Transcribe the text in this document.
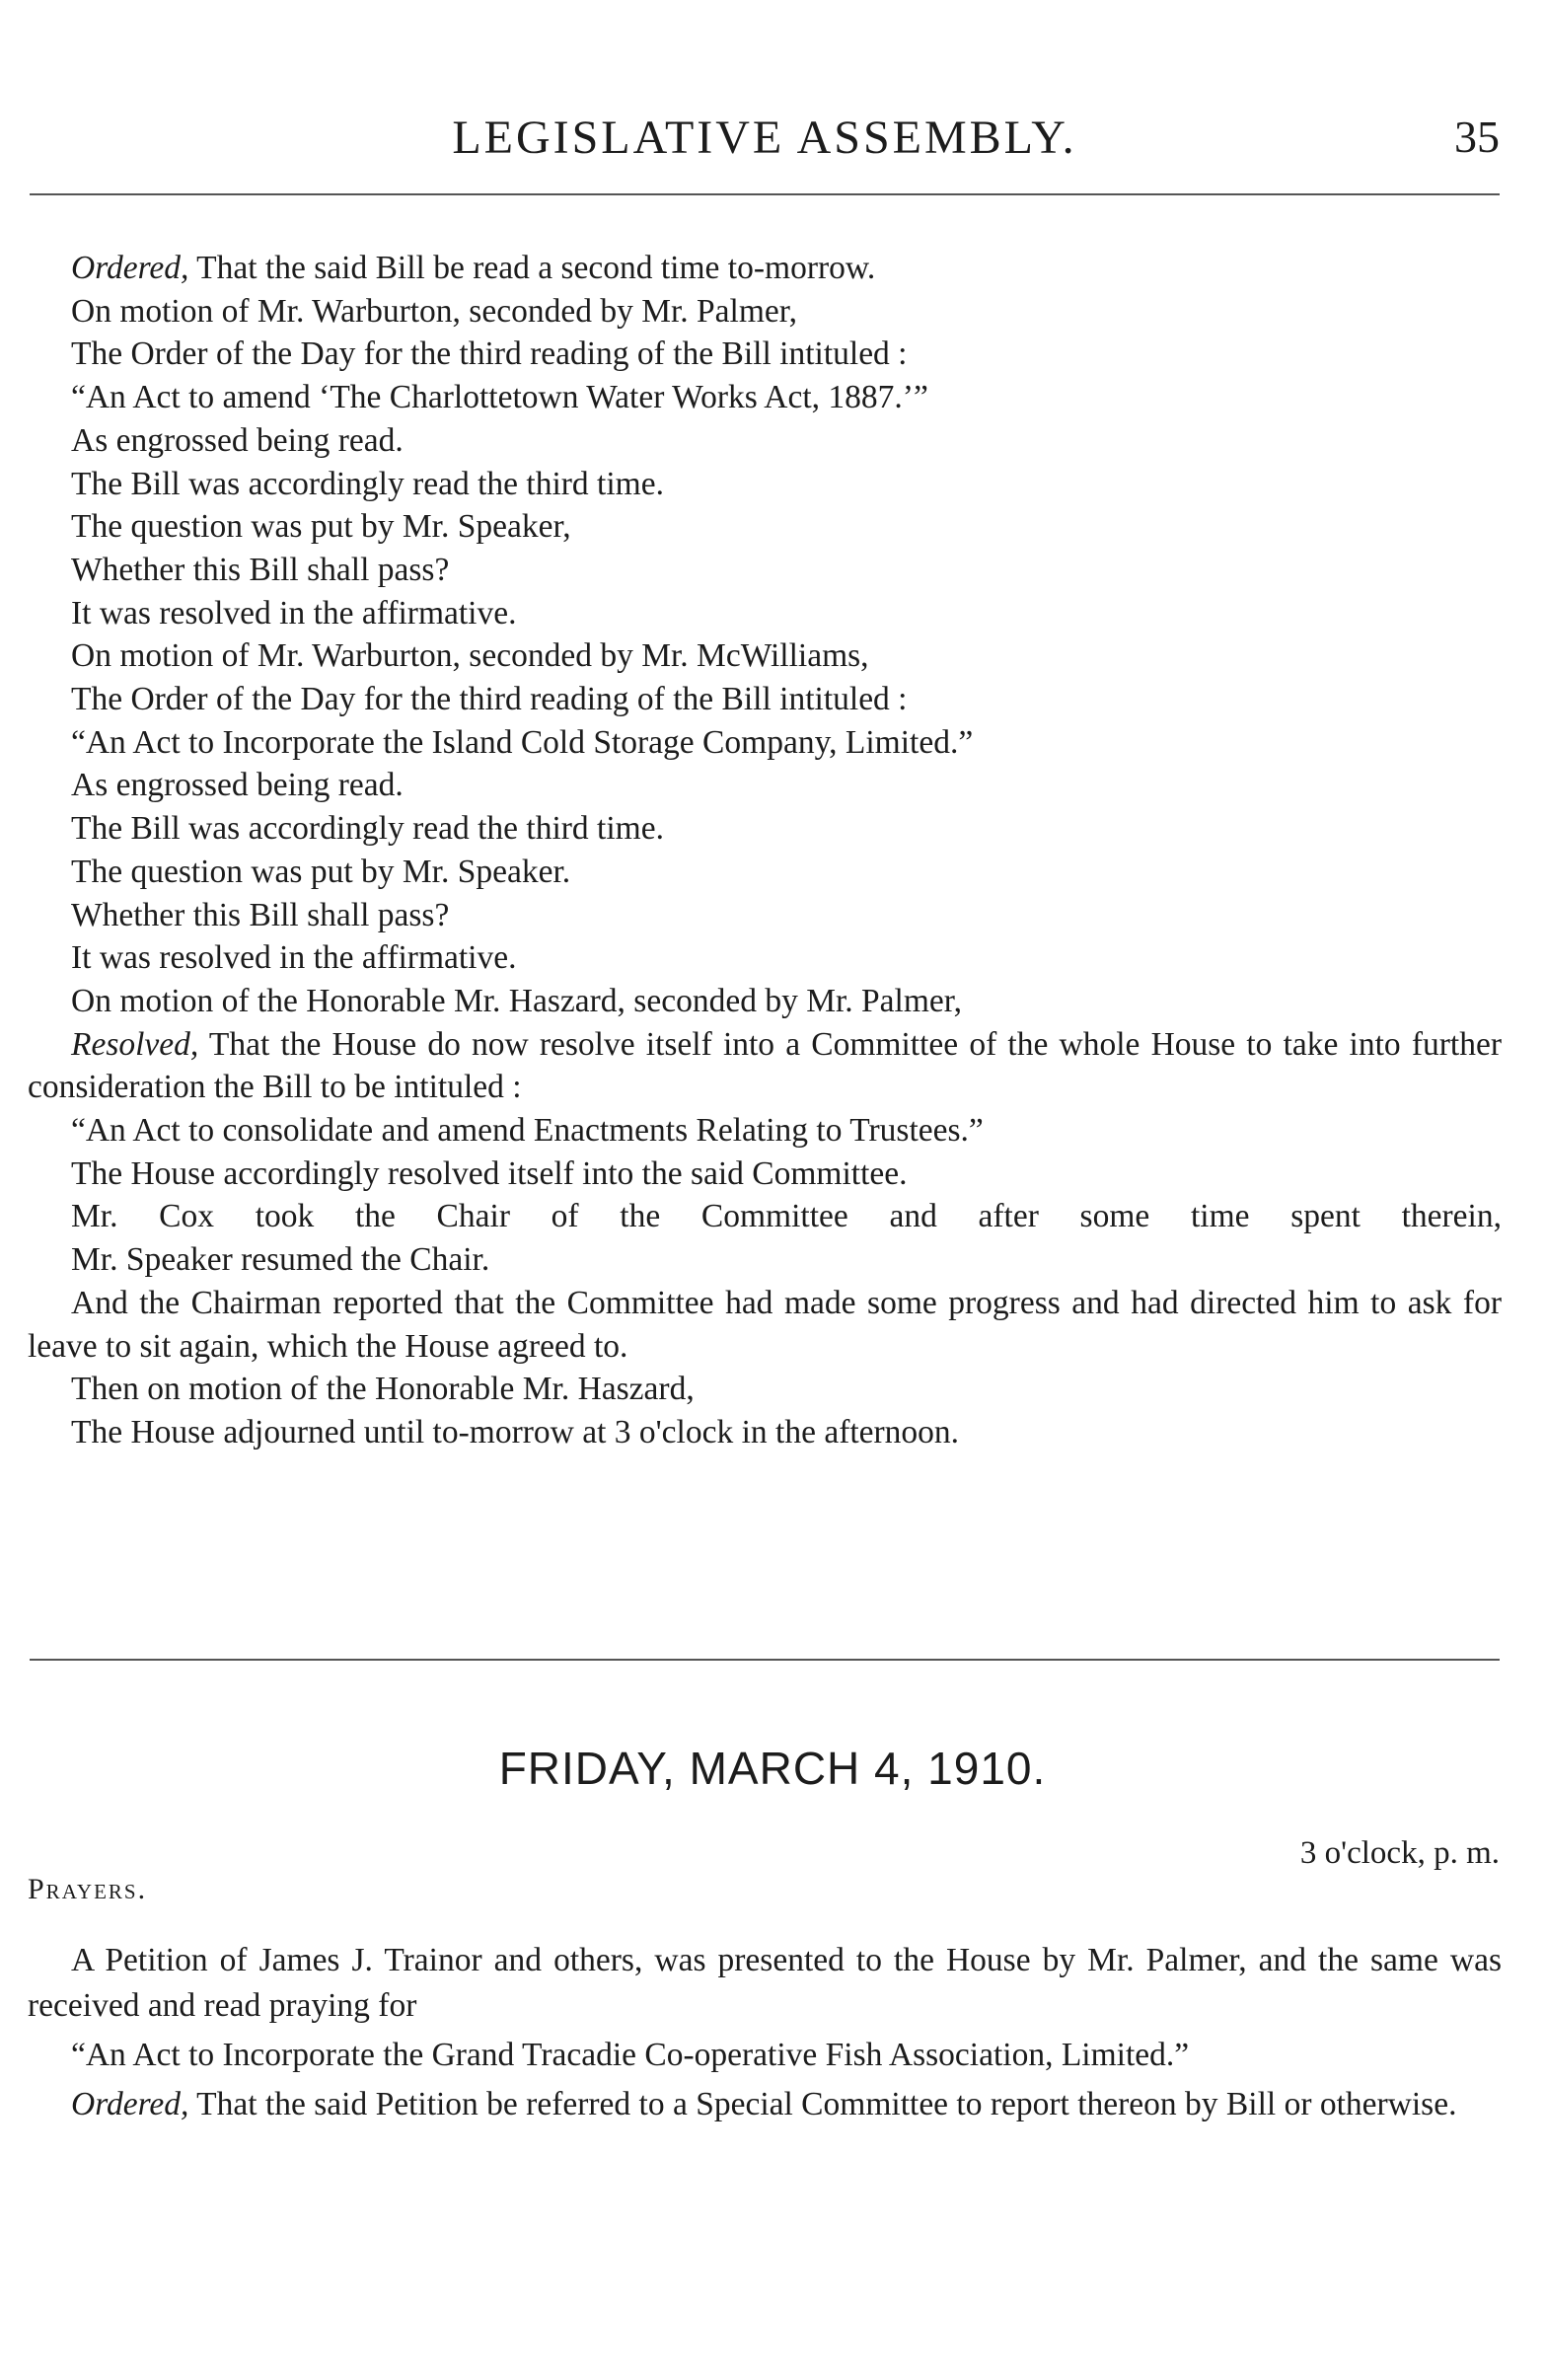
LEGISLATIVE ASSEMBLY.	35

Ordered, That the said Bill be read a second time to-morrow.

On motion of Mr. Warburton, seconded by Mr. Palmer,

The Order of the Day for the third reading of the Bill intituled :

“An Act to amend ‘The Charlottetown Water Works Act, 1887.’”

As engrossed being read.

The Bill was accordingly read the third time.

The question was put by Mr. Speaker,

Whether this Bill shall pass?

It was resolved in the affirmative.

On motion of Mr. Warburton, seconded by Mr. McWilliams,

The Order of the Day for the third reading of the Bill intituled :

“An Act to Incorporate the Island Cold Storage Company, Limited.”

As engrossed being read.

The Bill was accordingly read the third time.

The question was put by Mr. Speaker.

Whether this Bill shall pass?

It was resolved in the affirmative.

On motion of the Honorable Mr. Haszard, seconded by Mr. Palmer,

Resolved, That the House do now resolve itself into a Committee of the whole House to take into further consideration the Bill to be intituled :

“An Act to consolidate and amend Enactments Relating to Trustees.”

The House accordingly resolved itself into the said Committee.

Mr. Cox took the Chair of the Committee and after some time spent therein,

Mr. Speaker resumed the Chair.

And the Chairman reported that the Committee had made some progress and had directed him to ask for leave to sit again, which the House agreed to.

Then on motion of the Honorable Mr. Haszard,

The House adjourned until to-morrow at 3 o'clock in the afternoon.

FRIDAY, MARCH 4, 1910.
3 o'clock, p. m.
Prayers.

A Petition of James J. Trainor and others, was presented to the House by Mr. Palmer, and the same was received and read praying for

“An Act to Incorporate the Grand Tracadie Co-operative Fish Association, Limited.”

Ordered, That the said Petition be referred to a Special Committee to report thereon by Bill or otherwise.
